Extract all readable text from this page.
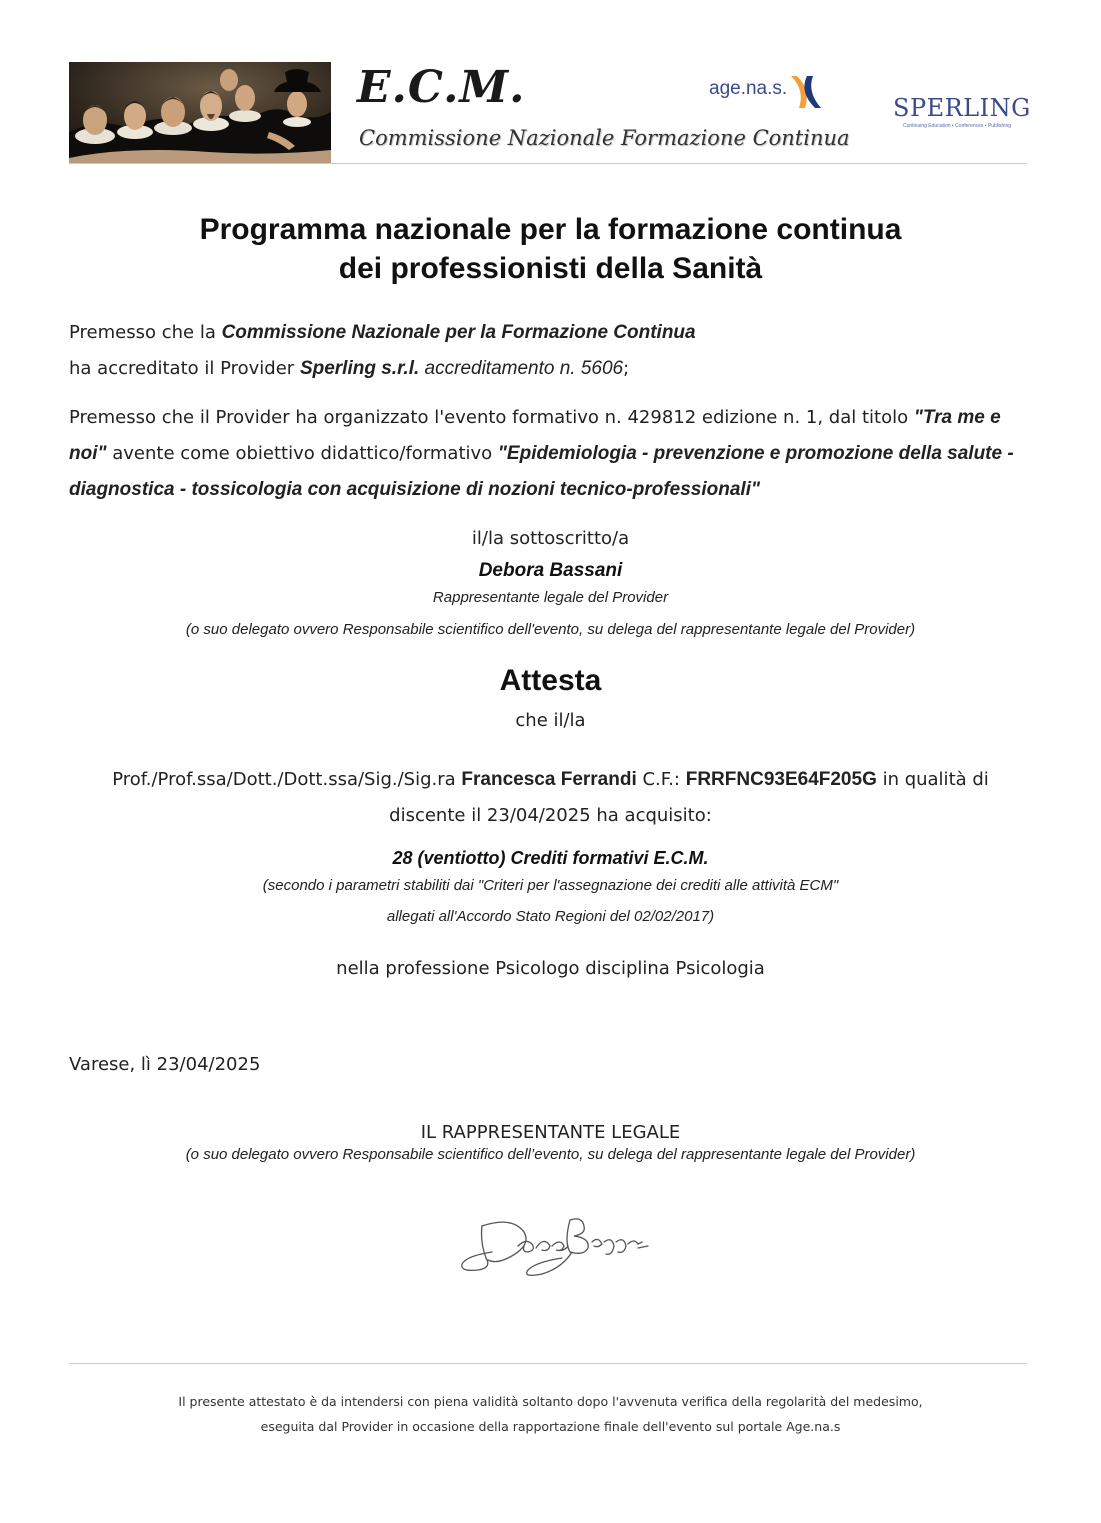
E.C.M.
Commissione Nazionale Formazione Continua
age.na.s.
SPERLING
Continuing Education • Conferences • Publishing
Programma nazionale per la formazione continua
dei professionisti della Sanità
Premesso che la Commissione Nazionale per la Formazione Continua
ha accreditato il Provider Sperling s.r.l. accreditamento n. 5606;
Premesso che il Provider ha organizzato l'evento formativo n. 429812 edizione n. 1, dal titolo "Tra me e noi" avente come obiettivo didattico/formativo "Epidemiologia - prevenzione e promozione della salute - diagnostica - tossicologia con acquisizione di nozioni tecnico-professionali"
il/la sottoscritto/a
Debora Bassani
Rappresentante legale del Provider
(o suo delegato ovvero Responsabile scientifico dell'evento, su delega del rappresentante legale del Provider)
Attesta
che il/la
Prof./Prof.ssa/Dott./Dott.ssa/Sig./Sig.ra Francesca Ferrandi C.F.: FRRFNC93E64F205G in qualità di
discente il 23/04/2025 ha acquisito:
28 (ventiotto) Crediti formativi E.C.M.
(secondo i parametri stabiliti dai "Criteri per l'assegnazione dei crediti alle attività ECM"
allegati all'Accordo Stato Regioni del 02/02/2017)
nella professione Psicologo disciplina Psicologia
Varese, lì 23/04/2025
IL RAPPRESENTANTE LEGALE
(o suo delegato ovvero Responsabile scientifico dell’evento, su delega del rappresentante legale del Provider)
Il presente attestato è da intendersi con piena validità soltanto dopo l'avvenuta verifica della regolarità del medesimo,
eseguita dal Provider in occasione della rapportazione finale dell'evento sul portale Age.na.s
